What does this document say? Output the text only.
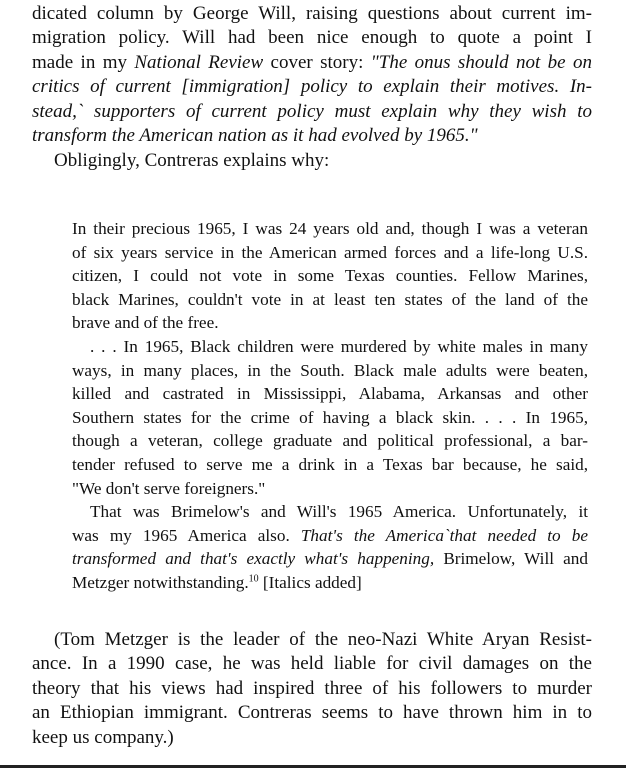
dicated column by George Will, raising questions about current im-
migration policy. Will had been nice enough to quote a point I
made in my National Review cover story: "The onus should not be on
critics of current [immigration] policy to explain their motives. In-
stead,` supporters of current policy must explain why they wish to
transform the American nation as it had evolved by 1965."

Obligingly, Contreras explains why:

In their precious 1965, I was 24 years old and, though I was a veteran
of six years service in the American armed forces and a life-long U.S.
citizen, I could not vote in some Texas counties. Fellow Marines,
black Marines, couldn't vote in at least ten states of the land of the
brave and of the free.
. . . In 1965, Black children were murdered by white males in many
ways, in many places, in the South. Black male adults were beaten,
killed and castrated in Mississippi, Alabama, Arkansas and other
Southern states for the crime of having a black skin. . . . In 1965,
though a veteran, college graduate and political professional, a bar-
tender refused to serve me a drink in a Texas bar because, he said,
"We don't serve foreigners."
That was Brimelow's and Will's 1965 America. Unfortunately, it
was my 1965 America also. That's the America`that needed to be
transformed and that's exactly what's happening, Brimelow, Will and
Metzger notwithstanding.$^{10}$ [Italics added]

(Tom Metzger is the leader of the neo-Nazi White Aryan Resist-
ance. In a 1990 case, he was held liable for civil damages on the
theory that his views had inspired three of his followers to murder
an Ethiopian immigrant. Contreras seems to have thrown him in to
keep us company.)
